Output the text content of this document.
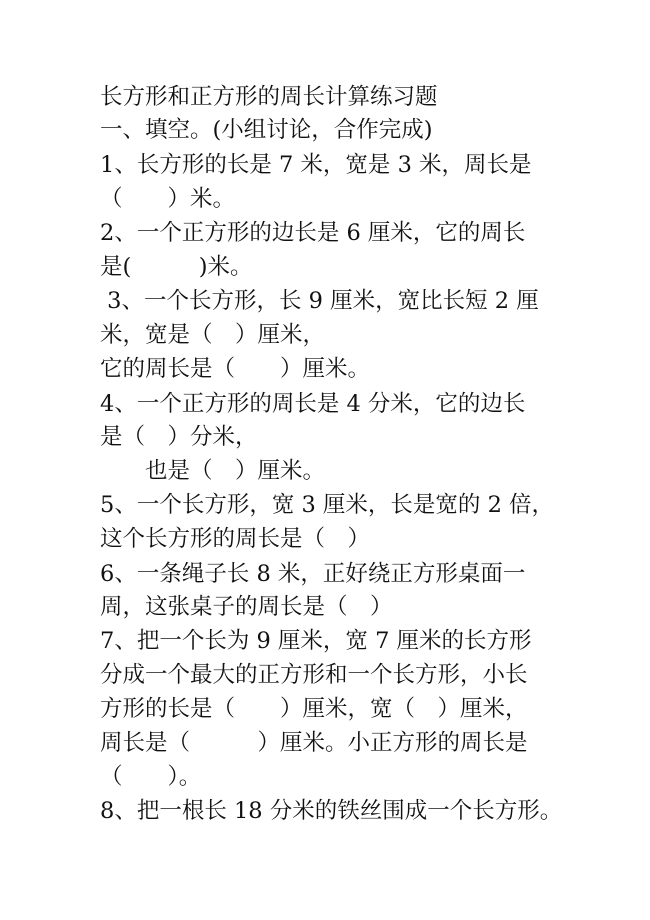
长方形和正方形的周长计算练习题
一、填空。(小组讨论，合作完成)
1、长方形的长是 7 米，宽是 3 米，周长是
（　　）米。
2、一个正方形的边长是 6 厘米，它的周长
是(　　　)米。
3、一个长方形，长 9 厘米，宽比长短 2 厘
米，宽是（　）厘米，
它的周长是（　　）厘米。
4、一个正方形的周长是 4 分米，它的边长
是（　）分米，
　　也是（　）厘米。
5、一个长方形，宽 3 厘米，长是宽的 2 倍，
这个长方形的周长是（　）
6、一条绳子长 8 米，正好绕正方形桌面一
周，这张桌子的周长是（　）
7、把一个长为 9 厘米，宽 7 厘米的长方形
分成一个最大的正方形和一个长方形，小长
方形的长是（　　）厘米，宽（　）厘米，
周长是（　　　）厘米。小正方形的周长是
（　　）。
8、把一根长 18 分米的铁丝围成一个长方形。
